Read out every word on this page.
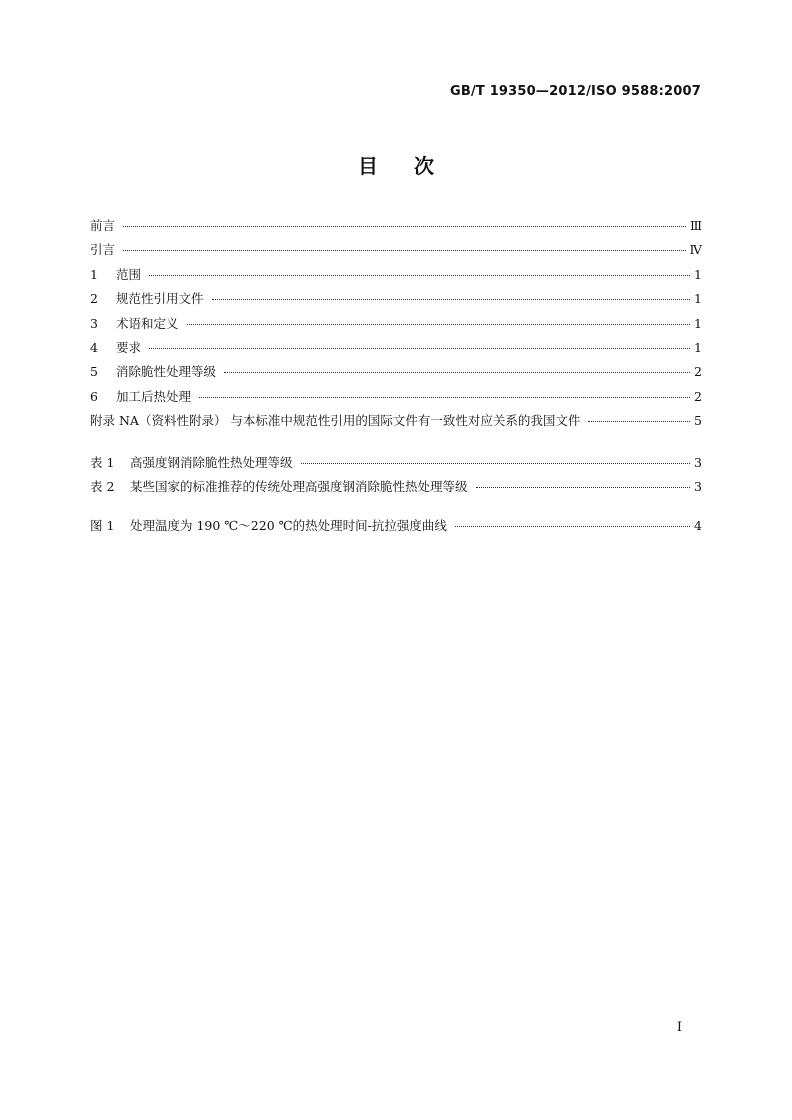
GB/T 19350—2012/ISO 9588:2007
目次
前言	Ⅲ
引言	Ⅳ
1 范围	1
2 规范性引用文件	1
3 术语和定义	1
4 要求	1
5 消除脆性处理等级	2
6 加工后热处理	2
附录 NA（资料性附录） 与本标准中规范性引用的国际文件有一致性对应关系的我国文件	5
表 1 高强度钢消除脆性热处理等级	3
表 2 某些国家的标准推荐的传统处理高强度钢消除脆性热处理等级	3
图 1 处理温度为 190 ℃～220 ℃的热处理时间-抗拉强度曲线	4
I
